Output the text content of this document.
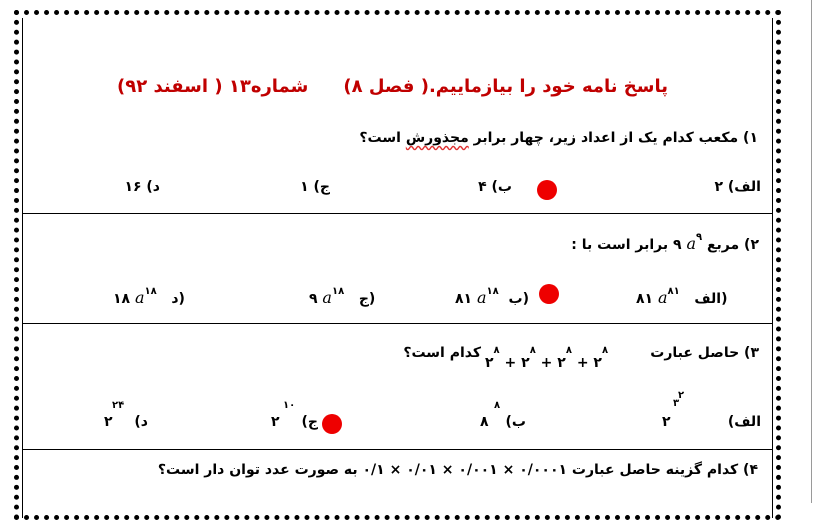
پاسخ نامه خود را بیازماییم.( فصل ۸)
شماره۱۳ ( اسفند ۹۲)
۱) مکعب کدام یک از اعداد زیر، چهار برابر مجذورش است؟
الف) ۲
ب) ۴
ج) ۱
د) ۱۶
۲) مربع ۹ $a^۹$ برابر است با :
۸۱ $a^{۸۱}$ الف)
۸۱ $a^{۱۸}$ ب)
۹ $a^{۱۸}$ ج)
۱۸ $a^{۱۸}$ د)
۳) حاصل عبارت
$۲^۸$ + $۲^۸$ + $۲^۸$ + $۲^۸$
کدام است؟
الف)
۲
۳
۲
ب)
۸
۸
ج)
۲
۱۰
د)
۲
۲۴
۴) کدام گزینه حاصل عبارت ۰/۰۰۰۱ × ۰/۰۰۱ × ۰/۰۱ × ۰/۱ به صورت عدد توان دار است؟
